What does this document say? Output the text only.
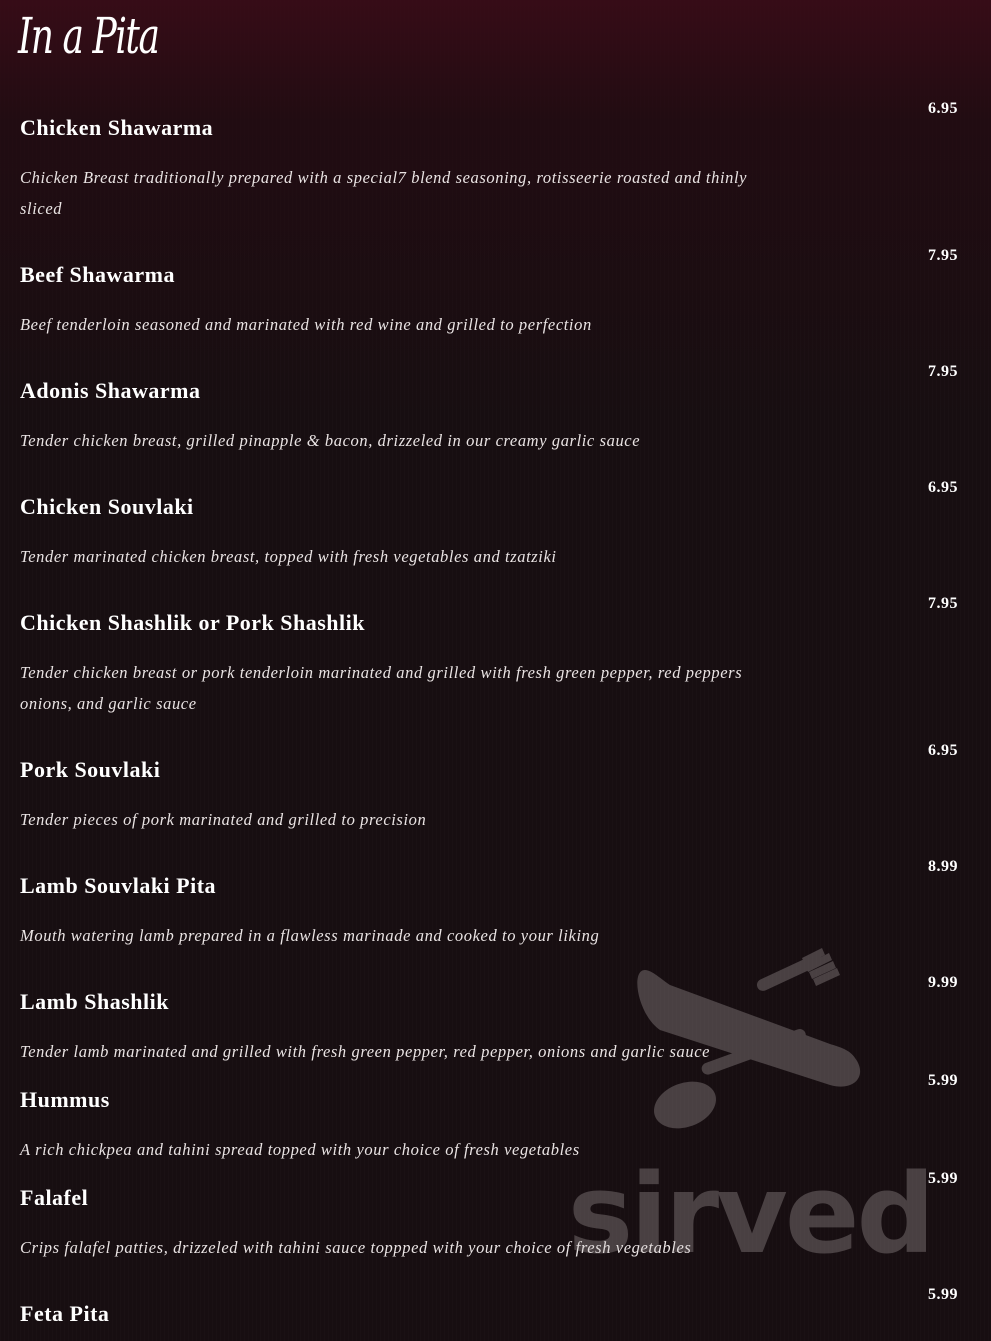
In a Pita
6.95
Chicken Shawarma
Chicken Breast traditionally prepared with a special7 blend seasoning, rotisseerie roasted and thinly sliced
7.95
Beef Shawarma
Beef tenderloin seasoned and marinated with red wine and grilled to perfection
7.95
Adonis Shawarma
Tender chicken breast, grilled pinapple & bacon, drizzeled in our creamy garlic sauce
6.95
Chicken Souvlaki
Tender marinated chicken breast, topped with fresh vegetables and tzatziki
7.95
Chicken Shashlik or Pork Shashlik
Tender chicken breast or pork tenderloin marinated and grilled with fresh green pepper, red peppers onions, and garlic sauce
6.95
Pork Souvlaki
Tender pieces of pork marinated and grilled to precision
8.99
Lamb Souvlaki Pita
Mouth watering lamb prepared in a flawless marinade and cooked to your liking
9.99
Lamb Shashlik
Tender lamb marinated and grilled with fresh green pepper, red pepper, onions and garlic sauce
5.99
Hummus
A rich chickpea and tahini spread topped with your choice of fresh vegetables
5.99
Falafel
Crips falafel patties, drizzeled with tahini sauce toppped with your choice of fresh vegetables
5.99
Feta Pita
sirved
